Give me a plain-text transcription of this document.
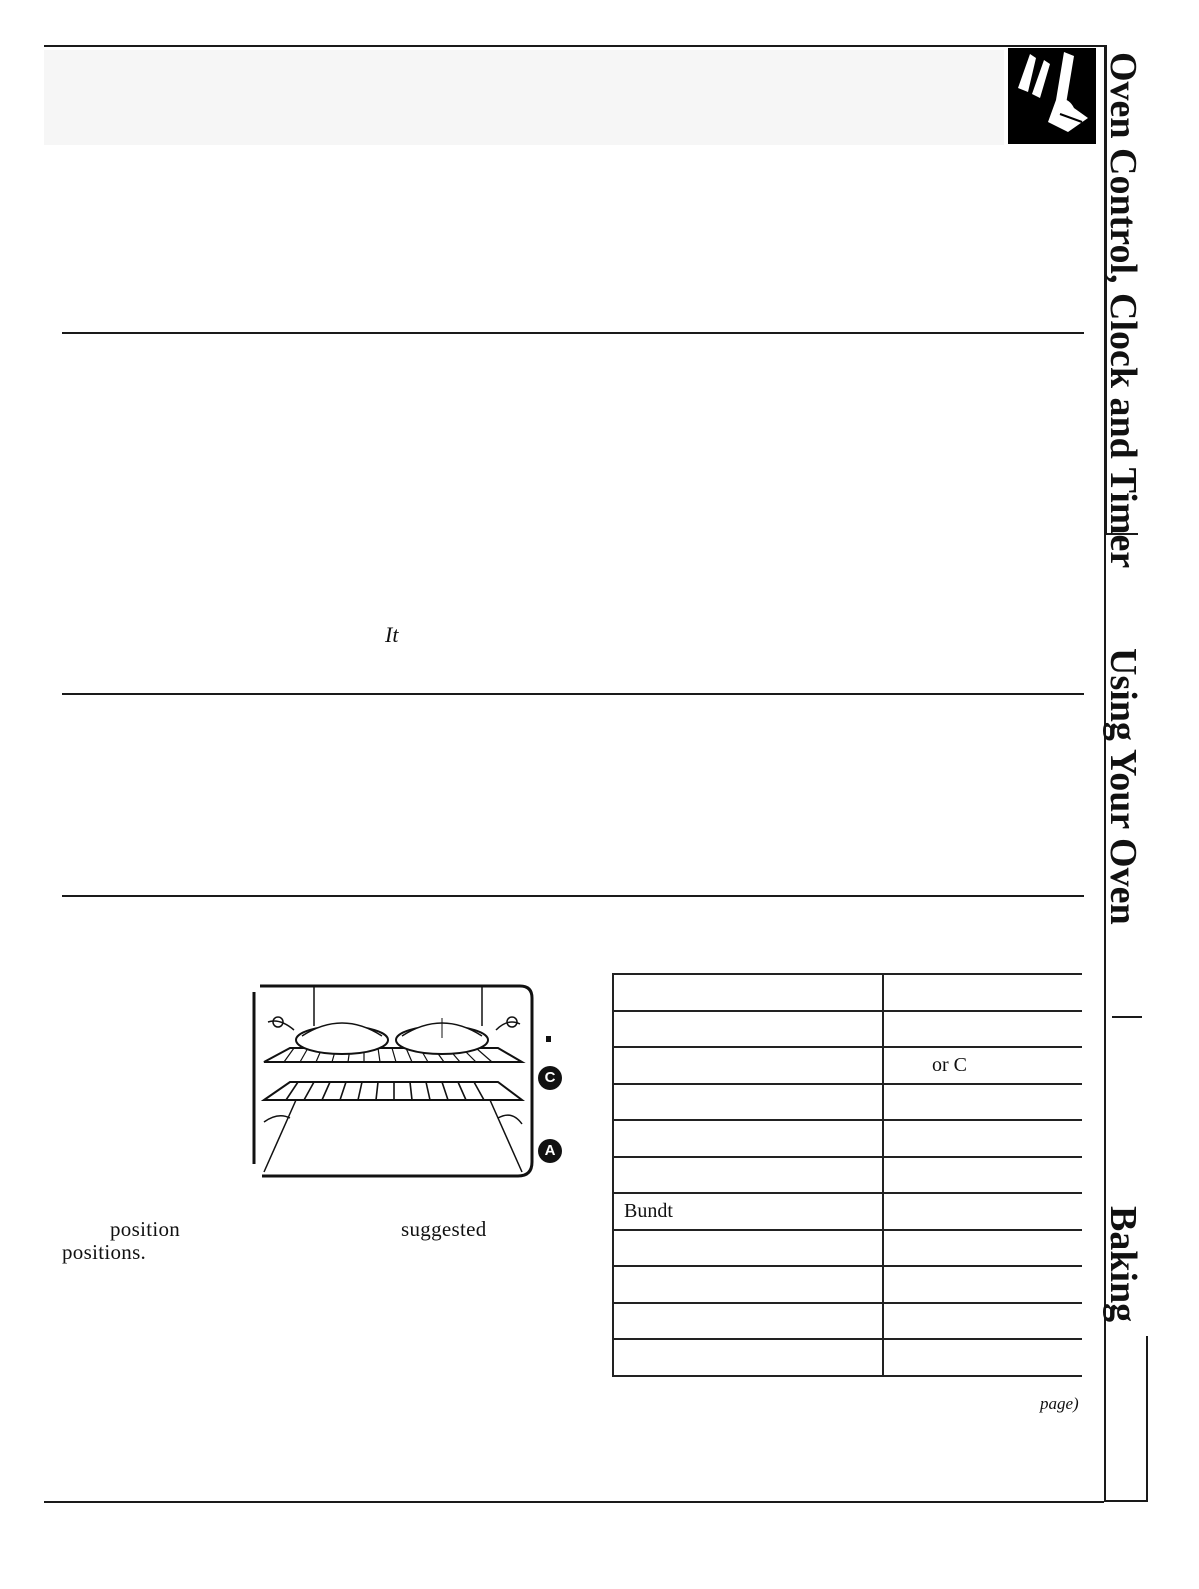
It
Oven Control, Clock and Timer
Using Your Oven
Baking
C
A
position	suggested
positions.

	or C

Bundt	

page)
